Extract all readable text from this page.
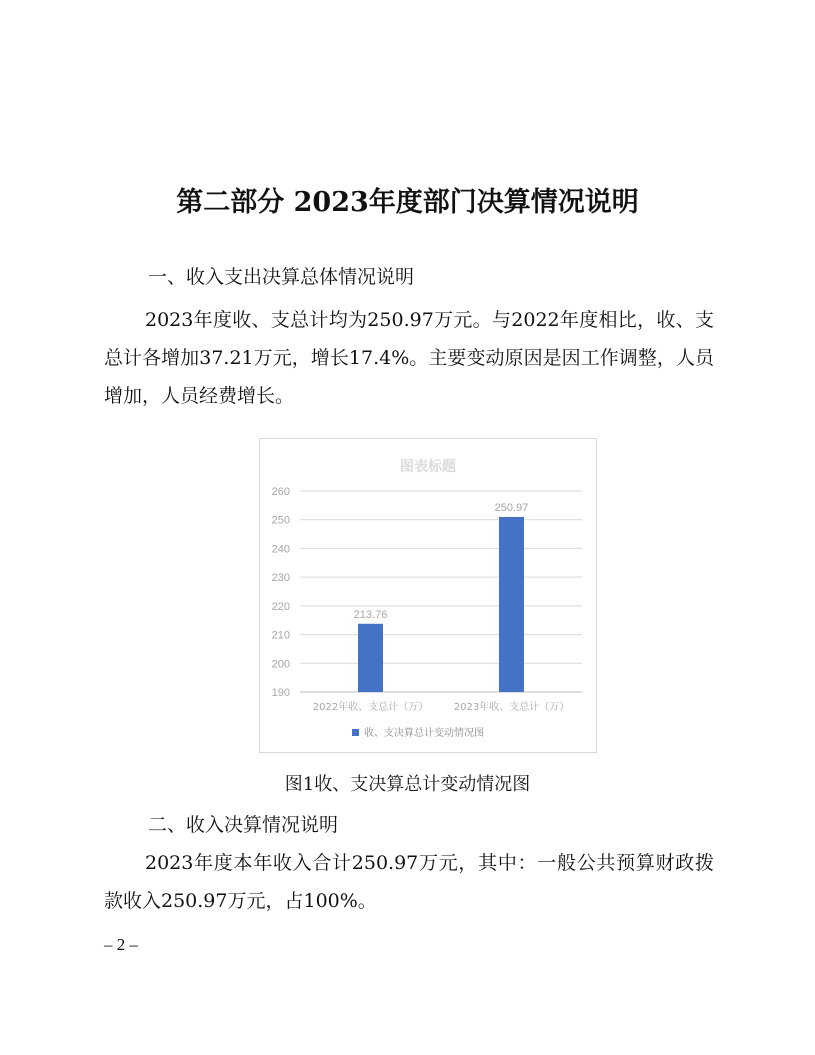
第二部分 2023年度部门决算情况说明
一、收入支出决算总体情况说明

2023年度收、支总计均为250.97万元。与2022年度相比，收、支总计各增加37.21万元，增长17.4%。主要变动原因是因工作调整，人员增加，人员经费增长。

图表标题
260
250
240
230
220
210
200
190
213.76
250.97
2022年收、支总计（万）	2023年收、支总计（万）
收、支决算总计变动情况图

图1收、支决算总计变动情况图

二、收入决算情况说明

2023年度本年收入合计250.97万元，其中：一般公共预算财政拨款收入250.97万元，占100%。

– 2 –
